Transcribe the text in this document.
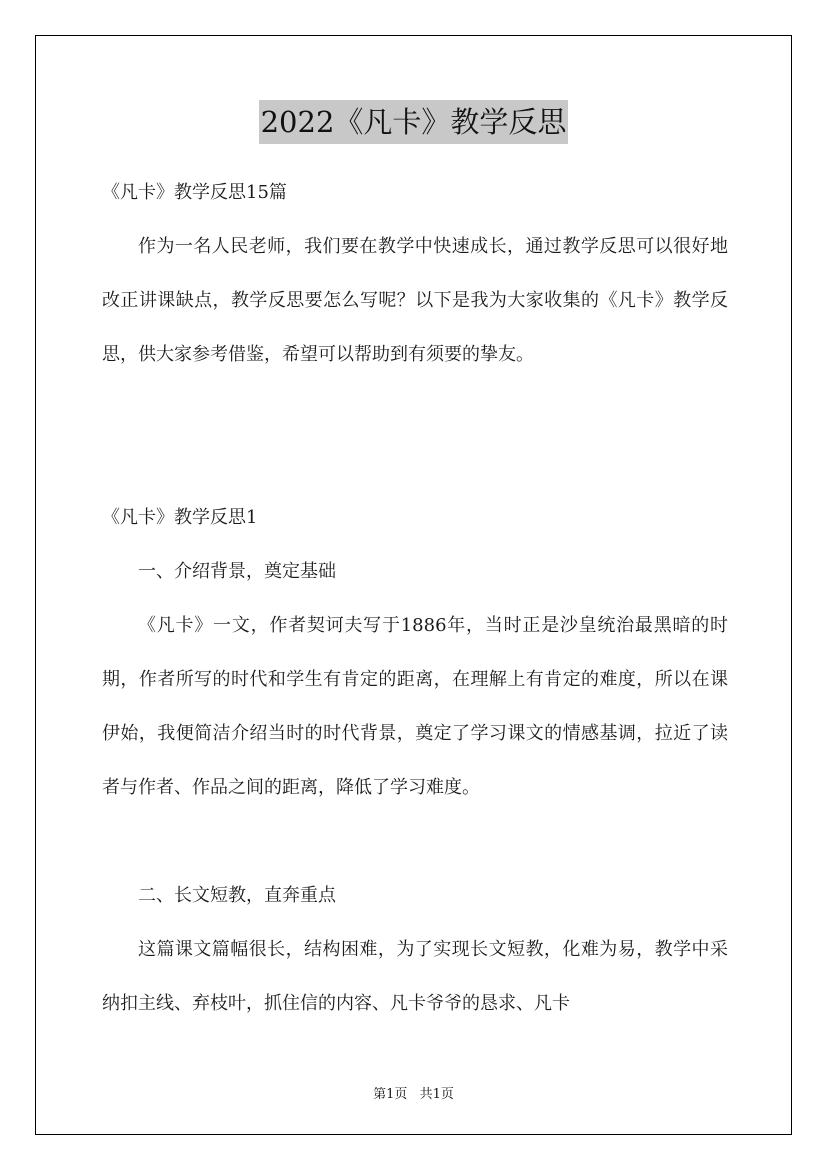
2022《凡卡》教学反思

《凡卡》教学反思15篇

作为一名人民老师，我们要在教学中快速成长，通过教学反思可以很好地改正讲课缺点，教学反思要怎么写呢？以下是我为大家收集的《凡卡》教学反思，供大家参考借鉴，希望可以帮助到有须要的挚友。

《凡卡》教学反思1

一、介绍背景，奠定基础

《凡卡》一文，作者契诃夫写于1886年，当时正是沙皇统治最黑暗的时期，作者所写的时代和学生有肯定的距离，在理解上有肯定的难度，所以在课伊始，我便简洁介绍当时的时代背景，奠定了学习课文的情感基调，拉近了读者与作者、作品之间的距离，降低了学习难度。

二、长文短教，直奔重点

这篇课文篇幅很长，结构困难，为了实现长文短教，化难为易，教学中采纳扣主线、弃枝叶，抓住信的内容、凡卡爷爷的恳求、凡卡

第1页 共1页
